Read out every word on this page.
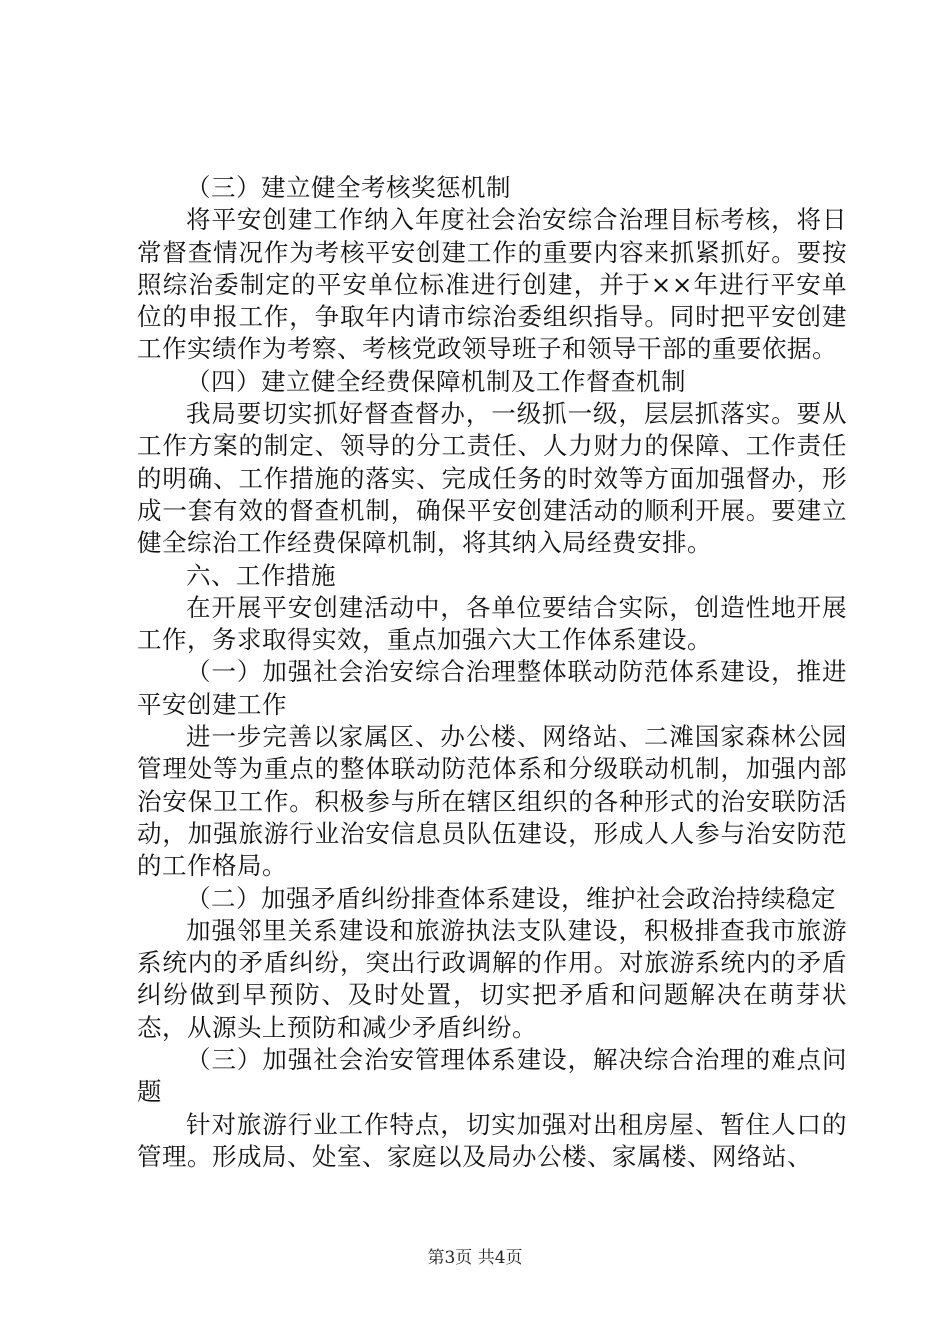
（三）建立健全考核奖惩机制

将平安创建工作纳入年度社会治安综合治理目标考核，将日常督查情况作为考核平安创建工作的重要内容来抓紧抓好。要按照综治委制定的平安单位标准进行创建，并于××年进行平安单位的申报工作，争取年内请市综治委组织指导。同时把平安创建工作实绩作为考察、考核党政领导班子和领导干部的重要依据。

（四）建立健全经费保障机制及工作督查机制

我局要切实抓好督查督办，一级抓一级，层层抓落实。要从工作方案的制定、领导的分工责任、人力财力的保障、工作责任的明确、工作措施的落实、完成任务的时效等方面加强督办，形成一套有效的督查机制，确保平安创建活动的顺利开展。要建立健全综治工作经费保障机制，将其纳入局经费安排。

六、工作措施

在开展平安创建活动中，各单位要结合实际，创造性地开展工作，务求取得实效，重点加强六大工作体系建设。

（一）加强社会治安综合治理整体联动防范体系建设，推进平安创建工作

进一步完善以家属区、办公楼、网络站、二滩国家森林公园管理处等为重点的整体联动防范体系和分级联动机制，加强内部治安保卫工作。积极参与所在辖区组织的各种形式的治安联防活动，加强旅游行业治安信息员队伍建设，形成人人参与治安防范的工作格局。

（二）加强矛盾纠纷排查体系建设，维护社会政治持续稳定

加强邻里关系建设和旅游执法支队建设，积极排查我市旅游系统内的矛盾纠纷，突出行政调解的作用。对旅游系统内的矛盾纠纷做到早预防、及时处置，切实把矛盾和问题解决在萌芽状态，从源头上预防和减少矛盾纠纷。

（三）加强社会治安管理体系建设，解决综合治理的难点问题

针对旅游行业工作特点，切实加强对出租房屋、暂住人口的管理。形成局、处室、家庭以及局办公楼、家属楼、网络站、

第3页 共4页
